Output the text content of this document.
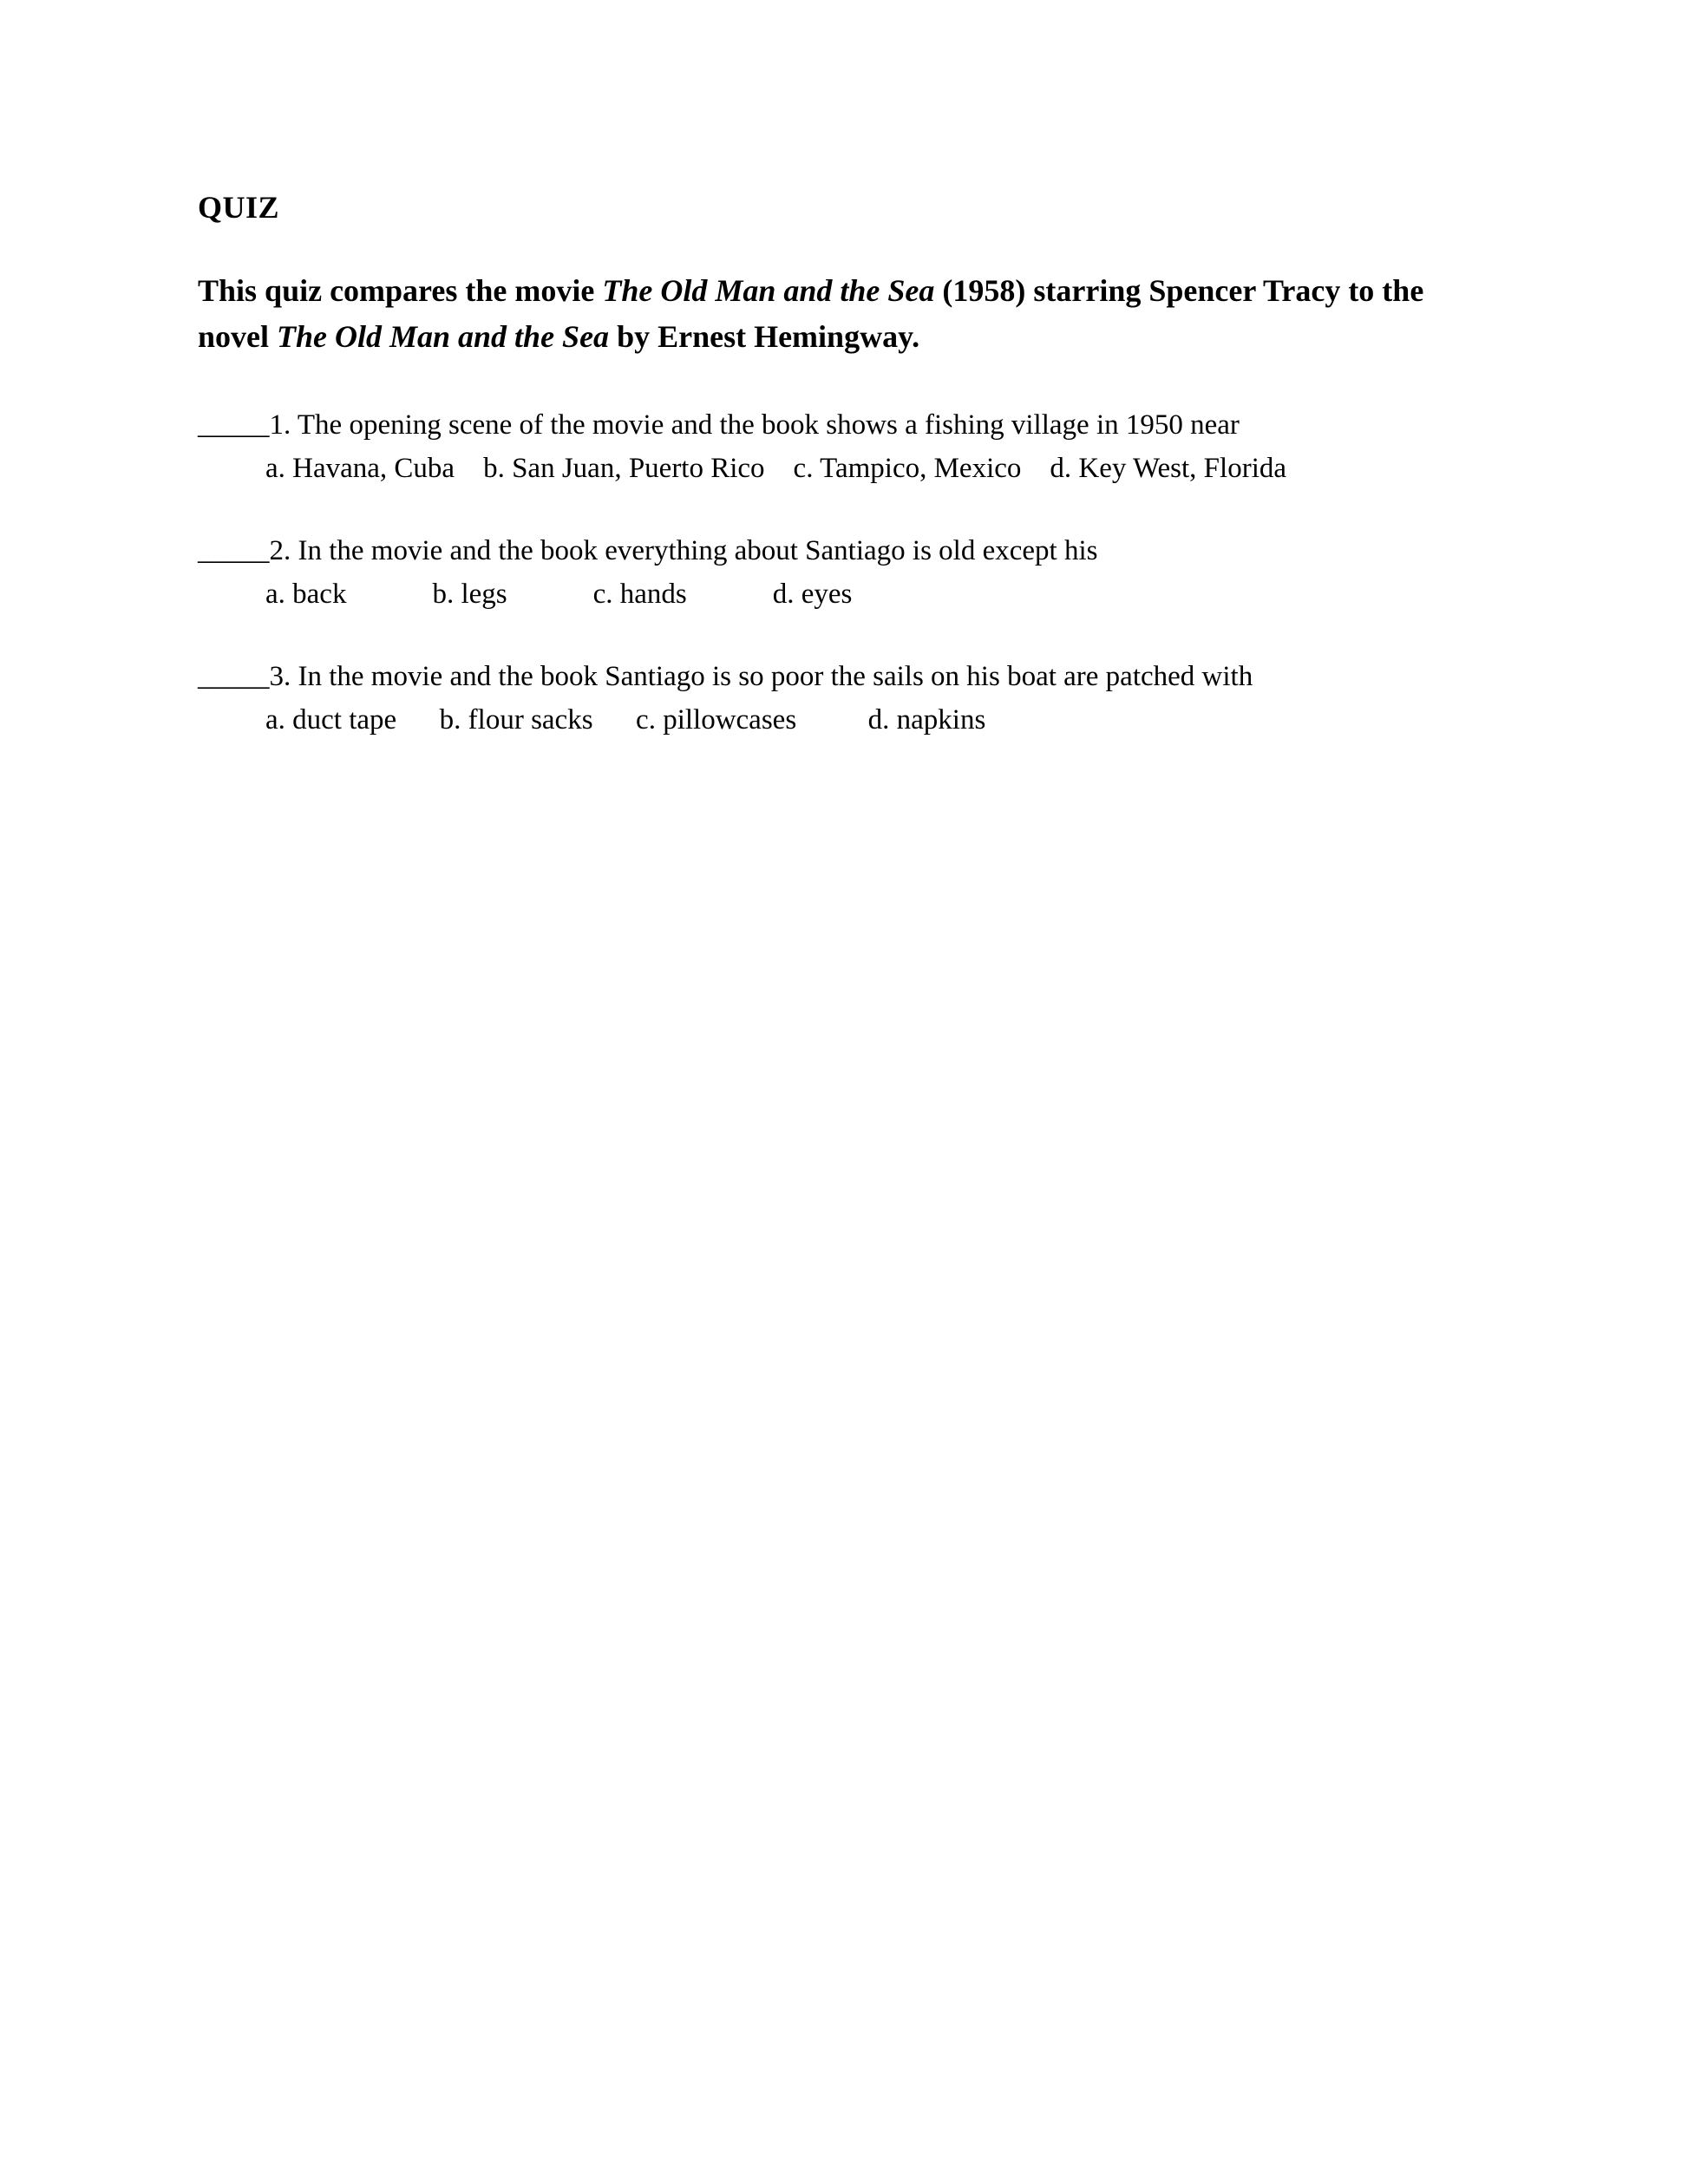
QUIZ

This quiz compares the movie The Old Man and the Sea (1958) starring Spencer Tracy to the novel The Old Man and the Sea by Ernest Hemingway.

_____1. The opening scene of the movie and the book shows a fishing village in 1950 near
a. Havana, Cuba    b. San Juan, Puerto Rico    c. Tampico, Mexico    d. Key West, Florida
_____2. In the movie and the book everything about Santiago is old except his
a. back            b. legs            c. hands            d. eyes
_____3. In the movie and the book Santiago is so poor the sails on his boat are patched with
a. duct tape      b. flour sacks      c. pillowcases          d. napkins
